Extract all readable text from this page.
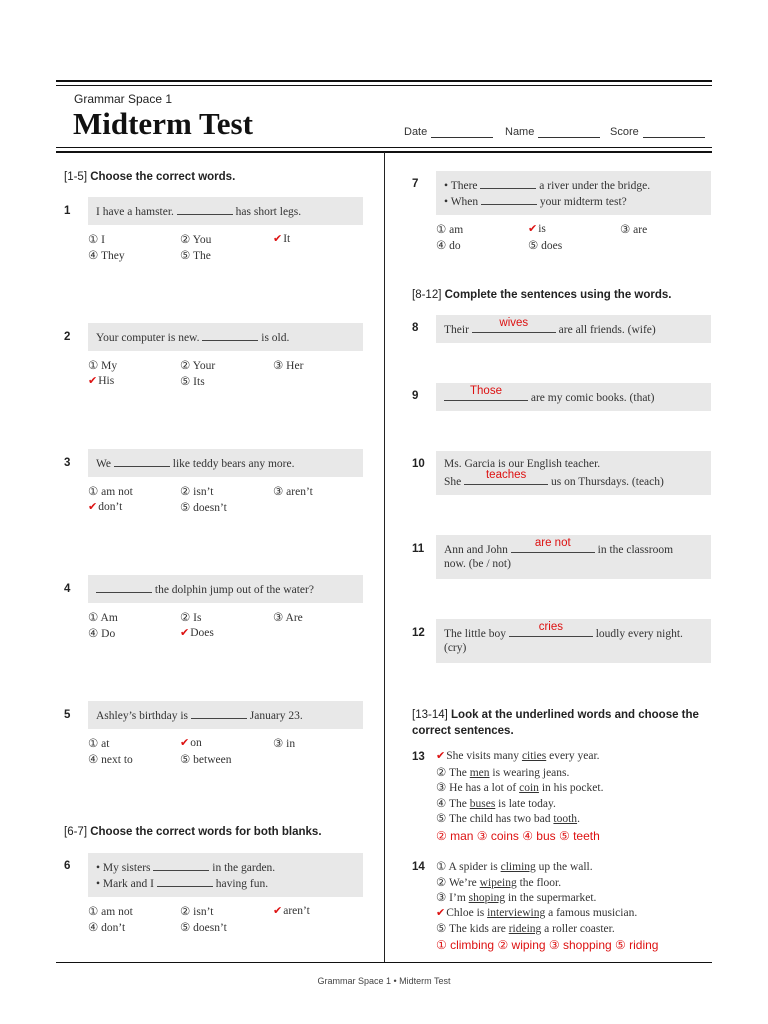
Grammar Space 1
Midterm Test	Date	Name	Score
[1-5] Choose the correct words.
1 I have a hamster.	has short legs.
① I	② You	✔It
④ They	⑤ The
2 Your computer is new.	is old.
① My	② Your	③ Her
✔His	⑤ Its
3 We	like teddy bears any more.
① am not	② isn’t	③ aren’t
✔don’t	⑤ doesn’t
4	the dolphin jump out of the water?
① Am	② Is	③ Are
④ Do	✔Does
5 Ashley’s birthday is	January 23.
① at	✔on	③ in
④ next to	⑤ between
[6-7] Choose the correct words for both blanks.
6 • My sisters	in the garden.
• Mark and I	having fun.
① am not	② isn’t	✔aren’t
④ don’t	⑤ doesn’t
7 • There	a river under the bridge.
• When	your midterm test?
① am	✔is	③ are
④ do	⑤ does
[8-12] Complete the sentences using the words.
8 Their
wives
are all friends. (wife)
9	Those
are my comic books. (that)
10 Ms. Garcia is our English teacher.
She
teaches
us on Thursdays. (teach)
11 Ann and John
are not
in the classroom
now. (be / not)
12 The little boy
cries
loudly every night.
(cry)
[13-14] Look at the underlined words and choose the
correct sentences.
13 ✔She visits many cities every year.
② The men is wearing jeans.
③ He has a lot of coin in his pocket.
④ The buses is late today.
⑤ The child has two bad tooth.
② man ③ coins ④ bus ⑤ teeth
14 ① A spider is climing up the wall.
② We’re wipeing the floor.
③ I’m shoping in the supermarket.
✔Chloe is interviewing a famous musician.
⑤ The kids are rideing a roller coaster.
① climbing ② wiping ③ shopping ⑤ riding
Grammar Space 1 • Midterm Test
